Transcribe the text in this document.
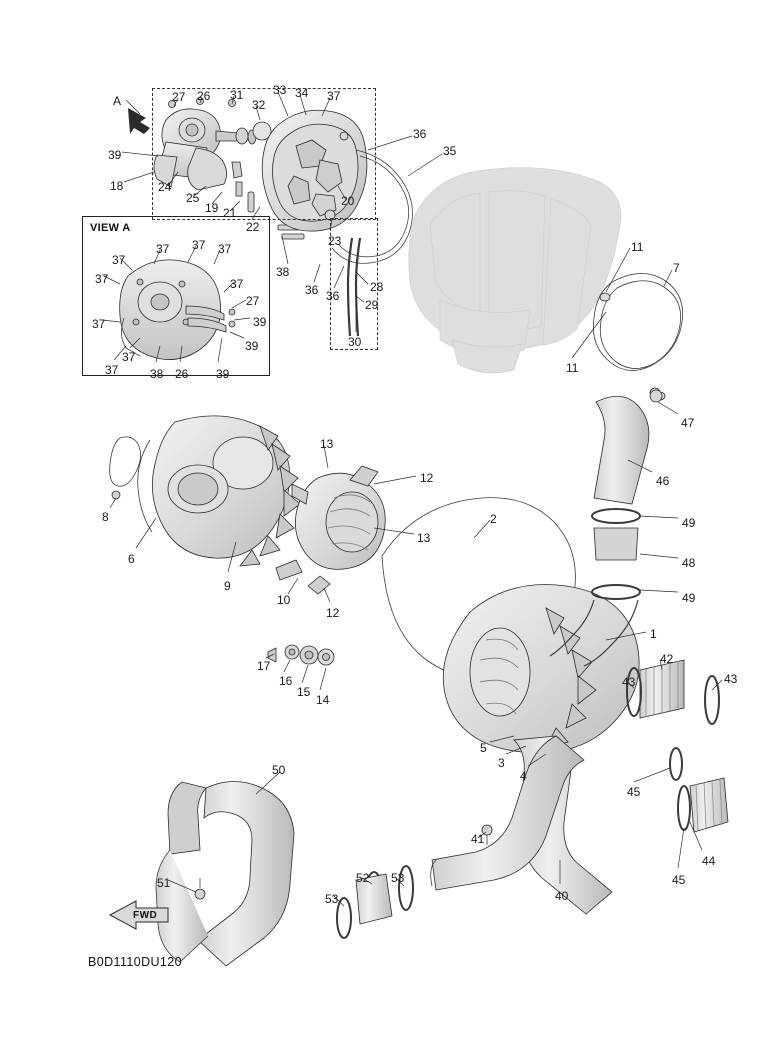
VIEW A
FWD
B0D1110DU120
A	27 26 31
32
33 34 37
36
35
39
18	24
25
19 21
22
20
23
38
36 36
28
29
30
11
7
11
47
46
49
48
49
13
12
13
12
10
8
6
9
2
1
42
43	43
17
16
15
14
5
3
4
45
44
45
41
40
53
52
53
50
51
37 37 37
37
37	37
27
39
37
37
38 26 39
39
37
